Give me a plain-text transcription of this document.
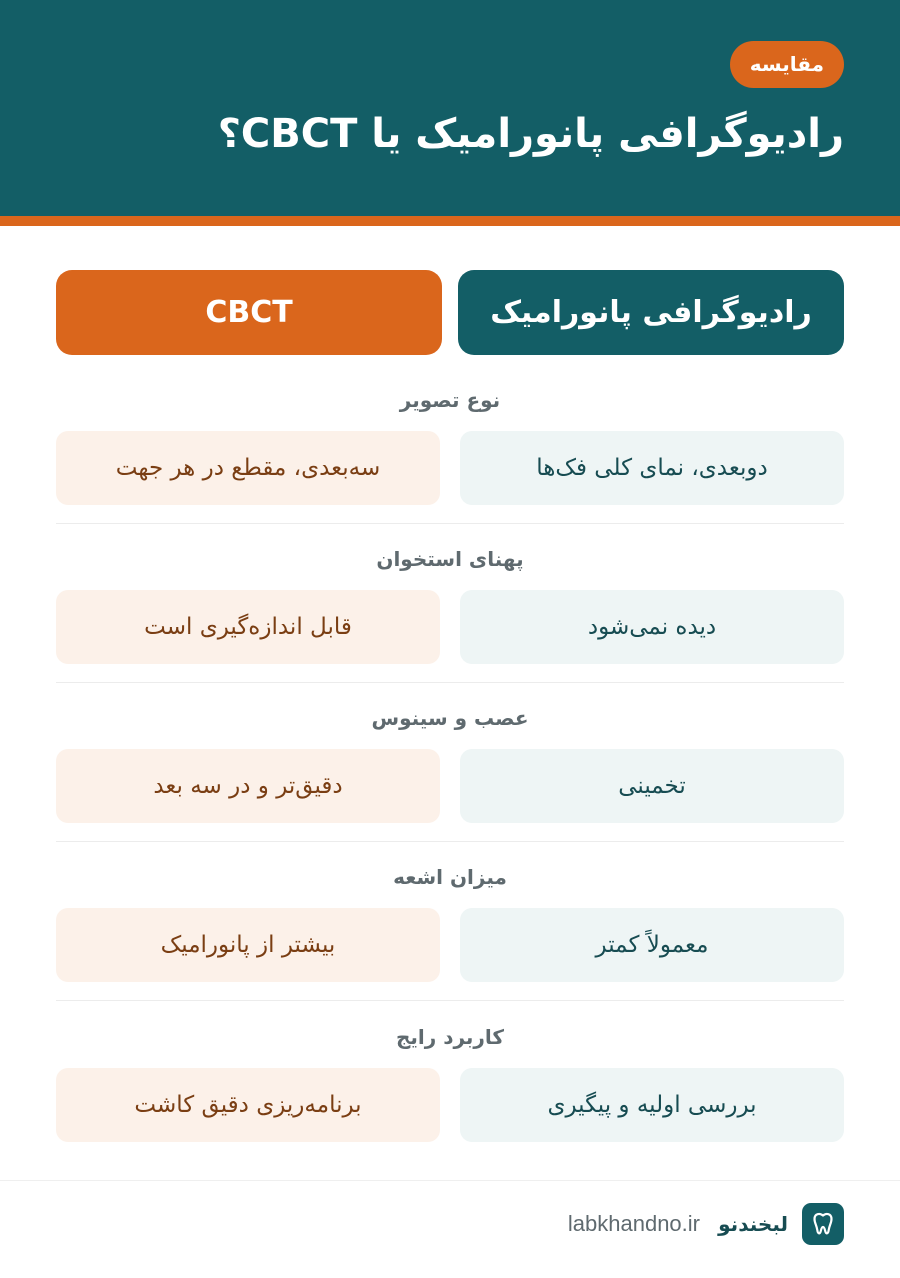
مقایسه
رادیوگرافی پانورامیک یا CBCT؟
رادیوگرافی پانورامیک
CBCT
نوع تصویر
دوبعدی، نمای کلی فک‌ها
سه‌بعدی، مقطع در هر جهت
پهنای استخوان
دیده نمی‌شود
قابل اندازه‌گیری است
عصب و سینوس
تخمینی
دقیق‌تر و در سه بعد
میزان اشعه
معمولاً کمتر
بیشتر از پانورامیک
کاربرد رایج
بررسی اولیه و پیگیری
برنامه‌ریزی دقیق کاشت
لبخندنو
labkhandno.ir
